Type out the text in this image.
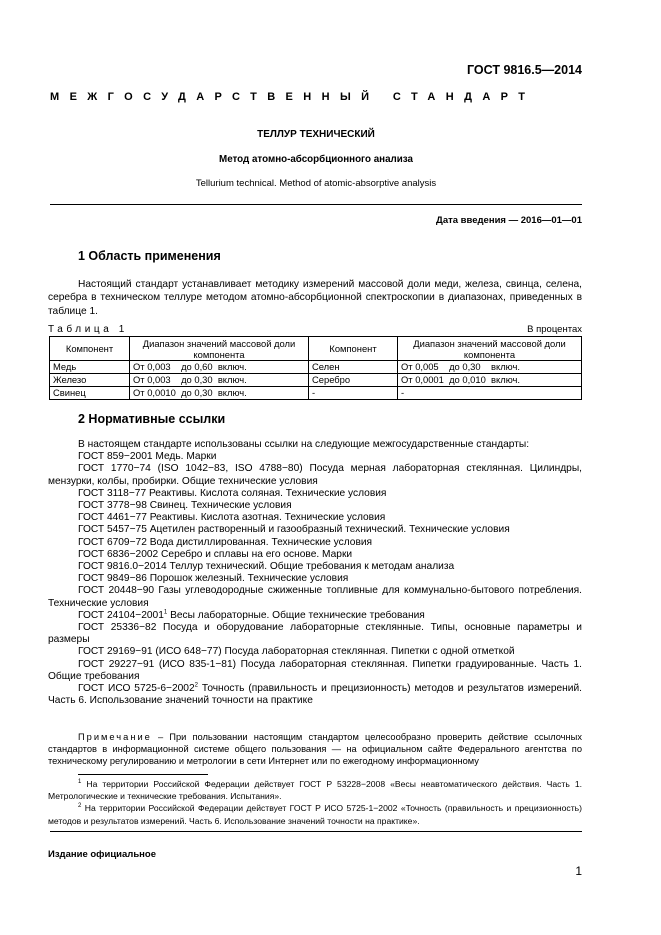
ГОСТ 9816.5—2014
МЕЖГОСУДАРСТВЕННЫЙ СТАНДАРТ
ТЕЛЛУР ТЕХНИЧЕСКИЙ
Метод атомно-абсорбционного анализа
Tellurium technical. Method of atomic-absorptive analysis
Дата введения — 2016—01—01
1 Область применения

Настоящий стандарт устанавливает методику измерений массовой доли меди, железа, свинца, селена, серебра в техническом теллуре методом атомно-абсорбционной спектроскопии в диапазонах, приведенных в таблице 1.

Таблица 1	В процентах
Компонент	Диапазон значений массовой доли компонента	Компонент	Диапазон значений массовой доли компонента
Медь	От 0,003    до 0,60  включ.	Селен	От 0,005    до 0,30    включ.
Железо	От 0,003    до 0,30  включ.	Серебро	От 0,0001  до 0,010  включ.
Свинец	От 0,0010  до 0,30  включ.	-	-
2 Нормативные ссылки
В настоящем стандарте использованы ссылки на следующие межгосударственные стандарты:
ГОСТ 859−2001 Медь. Марки
ГОСТ 1770−74 (ISO 1042−83, ISO 4788−80) Посуда мерная лабораторная стеклянная. Цилиндры, мензурки, колбы, пробирки. Общие технические условия
ГОСТ 3118−77 Реактивы. Кислота соляная. Технические условия
ГОСТ 3778−98 Свинец. Технические условия
ГОСТ 4461−77 Реактивы. Кислота азотная. Технические условия
ГОСТ 5457−75 Ацетилен растворенный и газообразный технический. Технические условия
ГОСТ 6709−72 Вода дистиллированная. Технические условия
ГОСТ 6836−2002 Серебро и сплавы на его основе. Марки
ГОСТ 9816.0−2014 Теллур технический. Общие требования к методам анализа
ГОСТ 9849−86 Порошок железный. Технические условия
ГОСТ 20448−90 Газы углеводородные сжиженные топливные для коммунально-бытового потребления. Технические условия
ГОСТ $24104-2001^1$ Весы лабораторные. Общие технические требования
ГОСТ 25336−82 Посуда и оборудование лабораторные стеклянные. Типы, основные параметры и размеры
ГОСТ 29169−91 (ИСО 648−77) Посуда лабораторная стеклянная. Пипетки с одной отметкой
ГОСТ 29227−91 (ИСО 835-1−81) Посуда лабораторная стеклянная. Пипетки градуированные. Часть 1. Общие требования
ГОСТ ИСО $5725-6-2002^2$ Точность (правильность и прецизионность) методов и результатов измерений. Часть 6. Использование значений точности на практике
Примечание – При пользовании настоящим стандартом целесообразно проверить действие ссылочных стандартов в информационной системе общего пользования — на официальном сайте Федерального агентства по техническому регулированию и метрологии в сети Интернет или по ежегодному информационному
$^1$ На территории Российской Федерации действует ГОСТ Р 53228−2008 «Весы неавтоматического действия. Часть 1. Метрологические и технические требования. Испытания».
$^2$ На территории Российской Федерации действует ГОСТ Р ИСО 5725-1−2002 «Точность (правильность и прецизионность) методов и результатов измерений. Часть 6. Использование значений точности на практике».
Издание официальное
1
